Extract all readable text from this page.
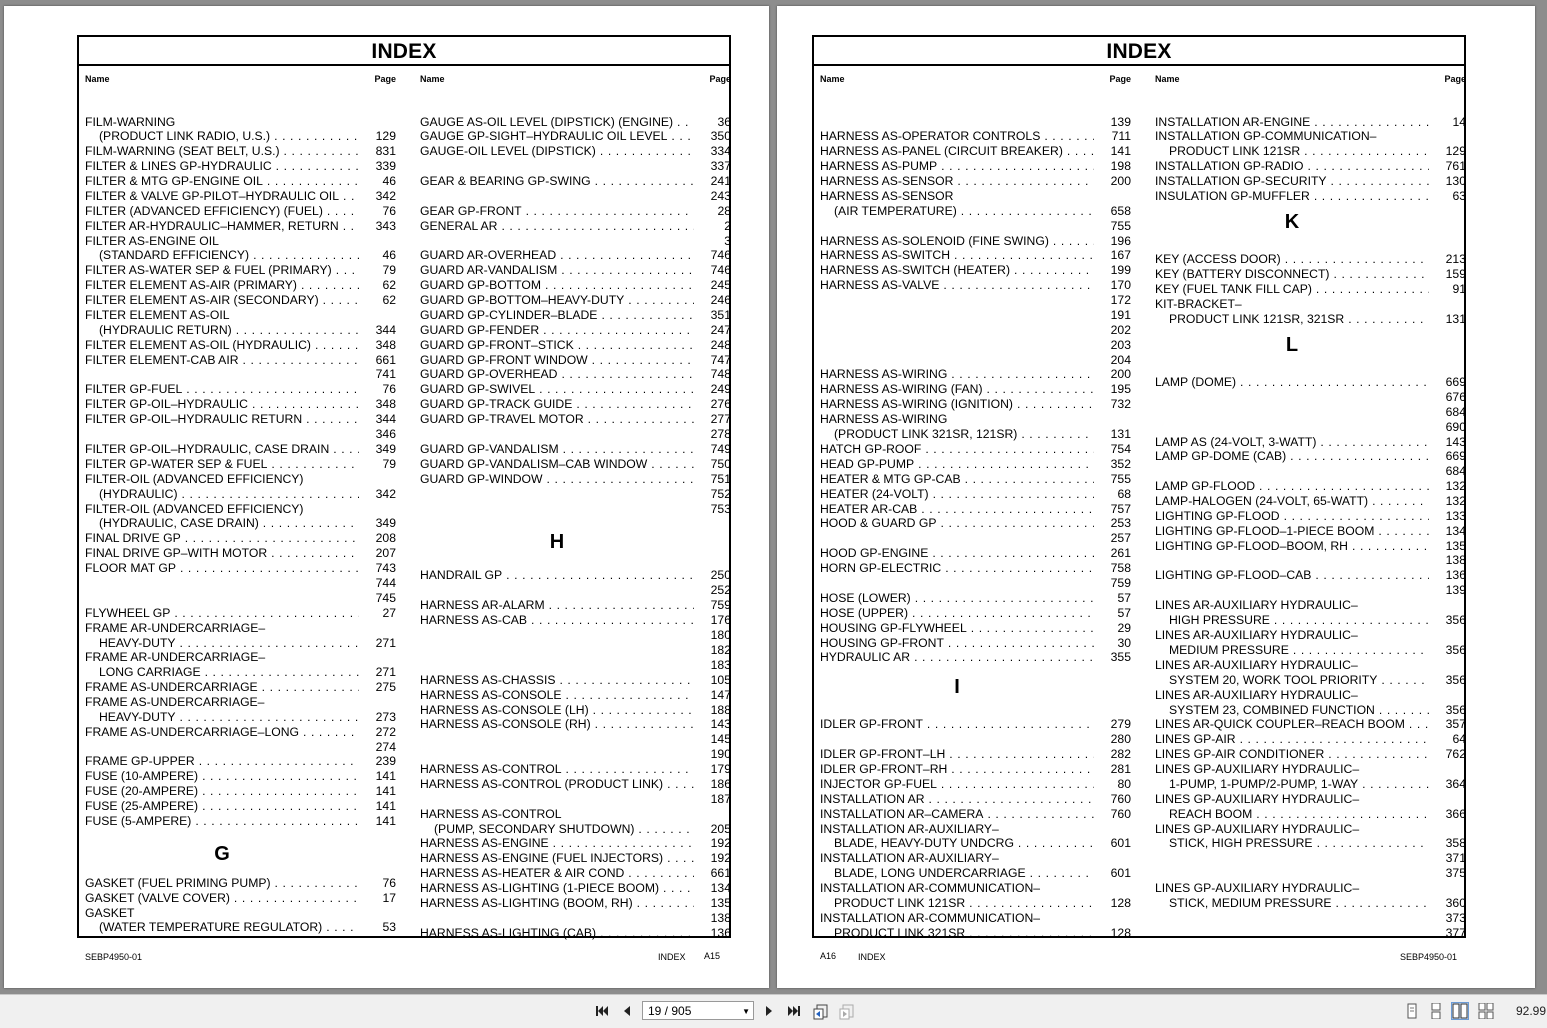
INDEX
Name	Page
FILM-WARNING
(PRODUCT LINK RADIO, U.S.) . . .	129
FILM-WARNING (SEAT BELT, U.S.) . . .	831
FILTER & LINES GP-HYDRAULIC . . .	339
FILTER & MTG GP-ENGINE OIL . . .	46
FILTER & VALVE GP-PILOT–HYDRAULIC OIL . . .	342
FILTER (ADVANCED EFFICIENCY) (FUEL) . . .	76
FILTER AR-HYDRAULIC–HAMMER, RETURN . . .	343
FILTER AS-ENGINE OIL
(STANDARD EFFICIENCY) . . .	46
FILTER AS-WATER SEP & FUEL (PRIMARY) . . .	79
FILTER ELEMENT AS-AIR (PRIMARY) . . .	62
FILTER ELEMENT AS-AIR (SECONDARY) . . .	62
FILTER ELEMENT AS-OIL
(HYDRAULIC RETURN) . . .	344
FILTER ELEMENT AS-OIL (HYDRAULIC) . . .	348
FILTER ELEMENT-CAB AIR . . .	661
741
FILTER GP-FUEL . . .	76
FILTER GP-OIL–HYDRAULIC . . .	348
FILTER GP-OIL–HYDRAULIC RETURN . . .	344
346
FILTER GP-OIL–HYDRAULIC, CASE DRAIN . . .	349
FILTER GP-WATER SEP & FUEL . . .	79
FILTER-OIL (ADVANCED EFFICIENCY)
(HYDRAULIC) . . .	342
FILTER-OIL (ADVANCED EFFICIENCY)
(HYDRAULIC, CASE DRAIN) . . .	349
FINAL DRIVE GP . . .	208
FINAL DRIVE GP–WITH MOTOR . . .	207
FLOOR MAT GP . . .	743
744
745
FLYWHEEL GP . . .	27
FRAME AR-UNDERCARRIAGE–
HEAVY-DUTY . . .	271
FRAME AR-UNDERCARRIAGE–
LONG CARRIAGE . . .	271
FRAME AS-UNDERCARRIAGE . . .	275
FRAME AS-UNDERCARRIAGE–
HEAVY-DUTY . . .	273
FRAME AS-UNDERCARRIAGE–LONG . . .	272
274
FRAME GP-UPPER . . .	239
FUSE (10-AMPERE) . . .	141
FUSE (20-AMPERE) . . .	141
FUSE (25-AMPERE) . . .	141
FUSE (5-AMPERE) . . .	141
G
GASKET (FUEL PRIMING PUMP) . . .	76
GASKET (VALVE COVER) . . .	17
GASKET
(WATER TEMPERATURE REGULATOR) . . .	53
Name	Page
GAUGE AS-OIL LEVEL (DIPSTICK) (ENGINE) . . .	36
GAUGE GP-SIGHT–HYDRAULIC OIL LEVEL . . .	350
GAUGE-OIL LEVEL (DIPSTICK) . . .	334
337
GEAR & BEARING GP-SWING . . .	241
243
GEAR GP-FRONT . . .	28
GENERAL AR . . .	2
3
GUARD AR-OVERHEAD . . .	746
GUARD AR-VANDALISM . . .	746
GUARD GP-BOTTOM . . .	245
GUARD GP-BOTTOM–HEAVY-DUTY . . .	246
GUARD GP-CYLINDER–BLADE . . .	351
GUARD GP-FENDER . . .	247
GUARD GP-FRONT–STICK . . .	248
GUARD GP-FRONT WINDOW . . .	747
GUARD GP-OVERHEAD . . .	748
GUARD GP-SWIVEL . . .	249
GUARD GP-TRACK GUIDE . . .	276
GUARD GP-TRAVEL MOTOR . . .	277
278
GUARD GP-VANDALISM . . .	749
GUARD GP-VANDALISM–CAB WINDOW . . .	750
GUARD GP-WINDOW . . .	751
752
753
H
HANDRAIL GP . . .	250
252
HARNESS AR-ALARM . . .	759
HARNESS AS-CAB . . .	176
180
182
183
HARNESS AS-CHASSIS . . .	105
HARNESS AS-CONSOLE . . .	147
HARNESS AS-CONSOLE (LH) . . .	188
HARNESS AS-CONSOLE (RH) . . .	143
145
190
HARNESS AS-CONTROL . . .	179
HARNESS AS-CONTROL (PRODUCT LINK) . . .	186
187
HARNESS AS-CONTROL
(PUMP, SECONDARY SHUTDOWN) . . .	205
HARNESS AS-ENGINE . . .	192
HARNESS AS-ENGINE (FUEL INJECTORS) . . .	192
HARNESS AS-HEATER & AIR COND . . .	661
HARNESS AS-LIGHTING (1-PIECE BOOM) . . .	134
HARNESS AS-LIGHTING (BOOM, RH) . . .	135
138
HARNESS AS-LIGHTING (CAB) . . .	136
SEBP4950-01	INDEX A15
INDEX
Name	Page
139
HARNESS AS-OPERATOR CONTROLS . . .	711
HARNESS AS-PANEL (CIRCUIT BREAKER) . . .	141
HARNESS AS-PUMP . . .	198
HARNESS AS-SENSOR . . .	200
HARNESS AS-SENSOR
(AIR TEMPERATURE) . . .	658
755
HARNESS AS-SOLENOID (FINE SWING) . . .	196
HARNESS AS-SWITCH . . .	167
HARNESS AS-SWITCH (HEATER) . . .	199
HARNESS AS-VALVE . . .	170
172
191
202
203
204
HARNESS AS-WIRING . . .	200
HARNESS AS-WIRING (FAN) . . .	195
HARNESS AS-WIRING (IGNITION) . . .	732
HARNESS AS-WIRING
(PRODUCT LINK 321SR, 121SR) . . .	131
HATCH GP-ROOF . . .	754
HEAD GP-PUMP . . .	352
HEATER & MTG GP-CAB . . .	755
HEATER (24-VOLT) . . .	68
HEATER AR-CAB . . .	757
HOOD & GUARD GP . . .	253
257
HOOD GP-ENGINE . . .	261
HORN GP-ELECTRIC . . .	758
759
HOSE (LOWER) . . .	57
HOSE (UPPER) . . .	57
HOUSING GP-FLYWHEEL . . .	29
HOUSING GP-FRONT . . .	30
HYDRAULIC AR . . .	355
I
IDLER GP-FRONT . . .	279
280
IDLER GP-FRONT–LH . . .	282
IDLER GP-FRONT–RH . . .	281
INJECTOR GP-FUEL . . .	80
INSTALLATION AR . . .	760
INSTALLATION AR–CAMERA . . .	760
INSTALLATION AR-AUXILIARY–
BLADE, HEAVY-DUTY UNDCRG . . .	601
INSTALLATION AR-AUXILIARY–
BLADE, LONG UNDERCARRIAGE . . .	601
INSTALLATION AR-COMMUNICATION–
PRODUCT LINK 121SR . . .	128
INSTALLATION AR-COMMUNICATION–
PRODUCT LINK 321SR . . .	128
Name	Page
INSTALLATION AR-ENGINE . . .	14
INSTALLATION GP-COMMUNICATION–
PRODUCT LINK 121SR . . .	129
INSTALLATION GP-RADIO . . .	761
INSTALLATION GP-SECURITY . . .	130
INSULATION GP-MUFFLER . . .	63
K
KEY (ACCESS DOOR) . . .	213
KEY (BATTERY DISCONNECT) . . .	159
KEY (FUEL TANK FILL CAP) . . .	91
KIT-BRACKET–
PRODUCT LINK 121SR, 321SR . . .	131
L
LAMP (DOME) . . .	669
676
684
690
LAMP AS (24-VOLT, 3-WATT) . . .	143
LAMP GP-DOME (CAB) . . .	669
684
LAMP GP-FLOOD . . .	132
LAMP-HALOGEN (24-VOLT, 65-WATT) . . .	132
LIGHTING GP-FLOOD . . .	133
LIGHTING GP-FLOOD–1-PIECE BOOM . . .	134
LIGHTING GP-FLOOD–BOOM, RH . . .	135
138
LIGHTING GP-FLOOD–CAB . . .	136
139
LINES AR-AUXILIARY HYDRAULIC–
HIGH PRESSURE . . .	356
LINES AR-AUXILIARY HYDRAULIC–
MEDIUM PRESSURE . . .	356
LINES AR-AUXILIARY HYDRAULIC–
SYSTEM 20, WORK TOOL PRIORITY . . .	356
LINES AR-AUXILIARY HYDRAULIC–
SYSTEM 23, COMBINED FUNCTION . . .	356
LINES AR-QUICK COUPLER–REACH BOOM . . .	357
LINES GP-AIR . . .	64
LINES GP-AIR CONDITIONER . . .	762
LINES GP-AUXILIARY HYDRAULIC–
1-PUMP, 1-PUMP/2-PUMP, 1-WAY . . .	364
LINES GP-AUXILIARY HYDRAULIC–
REACH BOOM . . .	366
LINES GP-AUXILIARY HYDRAULIC–
STICK, HIGH PRESSURE . . .	358
371
375
LINES GP-AUXILIARY HYDRAULIC–
STICK, MEDIUM PRESSURE . . .	360
373
377
A16 INDEX	SEBP4950-01
19 / 905	▼	92.99
